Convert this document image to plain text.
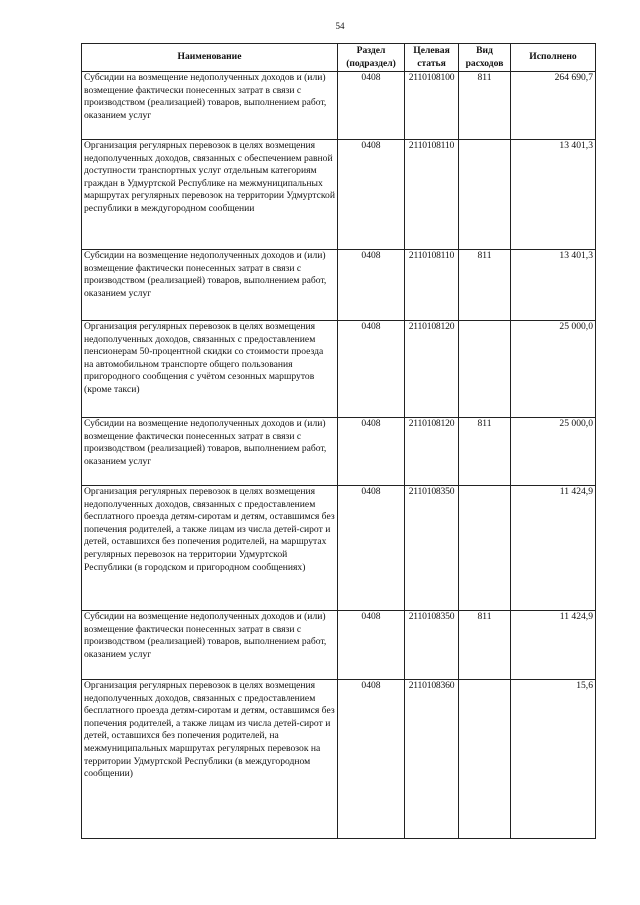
54
Наименование	Раздел (подраздел)	Целевая статья	Вид расходов	Исполнено
Субсидии на возмещение недополученных доходов и (или) возмещение фактически понесенных затрат в связи с производством (реализацией) товаров, выполнением работ, оказанием услуг	0408	2110108100	811	264 690,7
Организация регулярных перевозок в целях возмещения недополученных доходов, связанных с обеспечением равной доступности транспортных услуг отдельным категориям граждан в Удмуртской Республике на межмуниципальных маршрутах регулярных перевозок на территории Удмуртской республики в междугородном сообщении	0408	2110108110		13 401,3
Субсидии на возмещение недополученных доходов и (или) возмещение фактически понесенных затрат в связи с производством (реализацией) товаров, выполнением работ, оказанием услуг	0408	2110108110	811	13 401,3
Организация регулярных перевозок в целях возмещения недополученных доходов, связанных с предоставлением пенсионерам 50-процентной скидки со стоимости проезда на автомобильном транспорте общего пользования пригородного сообщения с учётом сезонных маршрутов (кроме такси)	0408	2110108120		25 000,0
Субсидии на возмещение недополученных доходов и (или) возмещение фактически понесенных затрат в связи с производством (реализацией) товаров, выполнением работ, оказанием услуг	0408	2110108120	811	25 000,0
Организация регулярных перевозок в целях возмещения недополученных доходов, связанных с предоставлением бесплатного проезда детям-сиротам и детям, оставшимся без попечения родителей, а также лицам из числа детей-сирот и детей, оставшихся без попечения родителей, на маршрутах регулярных перевозок на территории Удмуртской Республики (в городском и пригородном сообщениях)	0408	2110108350		11 424,9
Субсидии на возмещение недополученных доходов и (или) возмещение фактически понесенных затрат в связи с производством (реализацией) товаров, выполнением работ, оказанием услуг	0408	2110108350	811	11 424,9
Организация регулярных перевозок в целях возмещения недополученных доходов, связанных с предоставлением бесплатного проезда детям-сиротам и детям, оставшимся без попечения родителей, а также лицам из числа детей-сирот и детей, оставшихся без попечения родителей, на межмуниципальных маршрутах регулярных перевозок на территории Удмуртской Республики (в междугородном сообщении)	0408	2110108360		15,6
